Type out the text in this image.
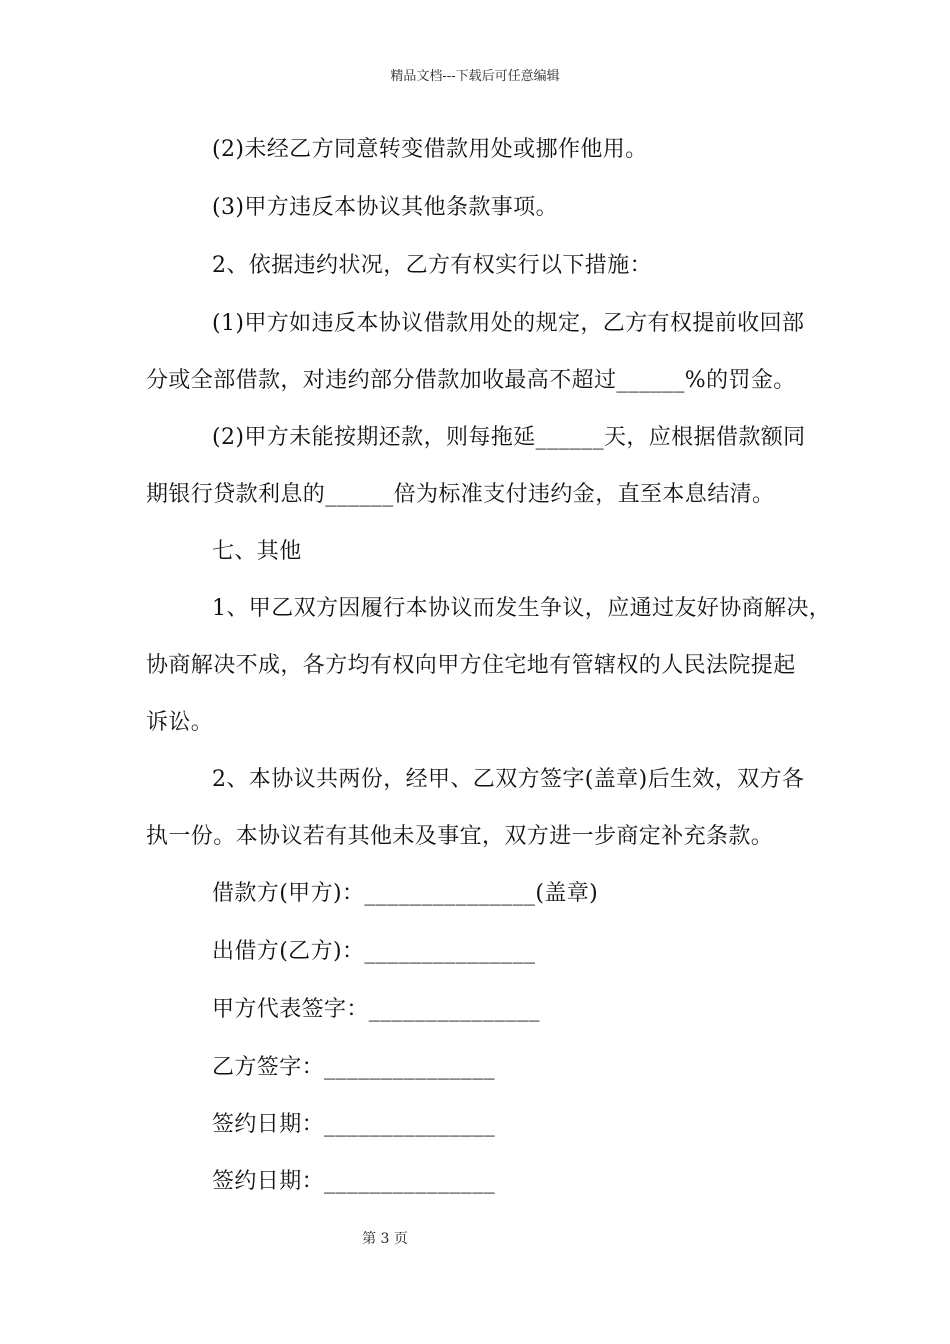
精品文档---下载后可任意编辑
(2)未经乙方同意转变借款用处或挪作他用。
(3)甲方违反本协议其他条款事项。
2、依据违约状况，乙方有权实行以下措施：
(1)甲方如违反本协议借款用处的规定，乙方有权提前收回部
分或全部借款，对违约部分借款加收最高不超过______%的罚金。
(2)甲方未能按期还款，则每拖延______天，应根据借款额同
期银行贷款利息的______倍为标准支付违约金，直至本息结清。
七、其他
1、甲乙双方因履行本协议而发生争议，应通过友好协商解决，
协商解决不成，各方均有权向甲方住宅地有管辖权的人民法院提起
诉讼。
2、本协议共两份，经甲、乙双方签字(盖章)后生效，双方各
执一份。本协议若有其他未及事宜，双方进一步商定补充条款。
借款方(甲方)：_______________(盖章)
出借方(乙方)：_______________
甲方代表签字：_______________
乙方签字：_______________
签约日期：_______________
签约日期：_______________
第 3 页
